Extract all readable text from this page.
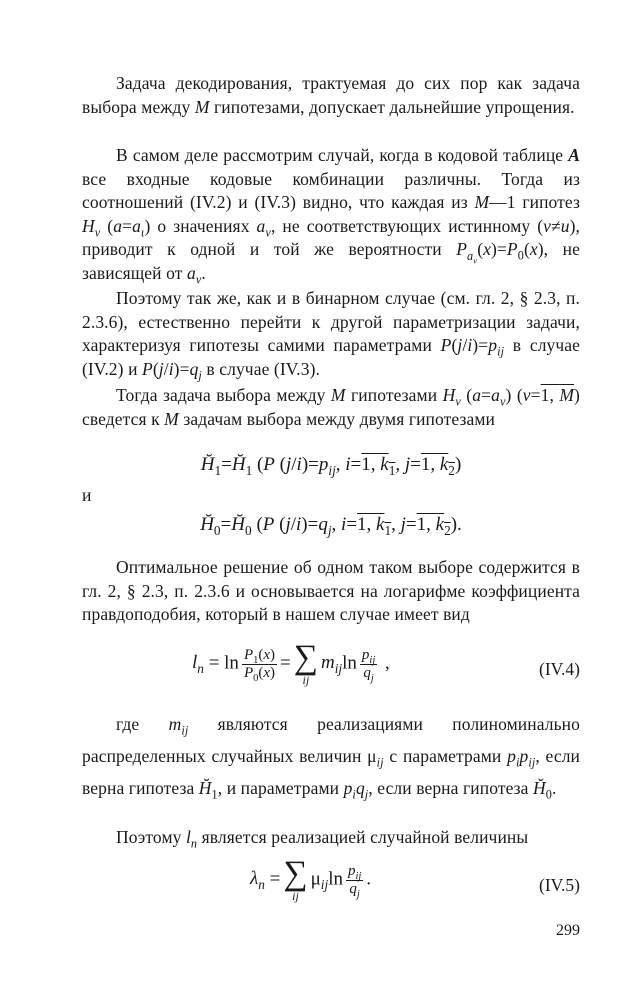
Задача декодирования, трактуемая до сих пор как задача выбора между M гипотезами, допускает дальнейшие упрощения.
В самом деле рассмотрим случай, когда в кодовой таблице A все входные кодовые комбинации различны. Тогда из соотношений (IV.2) и (IV.3) видно, что каждая из M—1 гипотез $H_v$ $(a=a_\iota)$ о значениях $a_v$, не соответствующих истинному (v≠u), приводит к одной и той же вероятности $P_{a_v}(x)=P_0(x)$, не зависящей от $a_v$.
Поэтому так же, как и в бинарном случае (см. гл. 2, § 2.3, п. 2.3.6), естественно перейти к другой параметризации задачи, характеризуя гипотезы самими параметрами $P(j/i)=p_{ij}$ в случае (IV.2) и $P(j/i)=q_j$ в случае (IV.3).
Тогда задача выбора между M гипотезами $H_v$ $(a=a_v)$ (v=1, M) сведется к M задачам выбора между двумя гипотезами
$H̆_1=H̆_1$ (P $(j/i)=p_{ij}$, i=1, $k_1$, j=1, $k_2$)
и
$H̆_0=H̆_0$ (P $(j/i)=q_j$, i=1, $k_1$, j=1, $k_2$).
Оптимальное решение об одном таком выборе содержится в гл. 2, § 2.3, п. 2.3.6 и основывается на логарифме коэффициента правдоподобия, который в нашем случае имеет вид
$l_n = \ln \frac{P_1(x)}{P_0(x)}$ = ∑
ij
$m_{ij}\ln \frac{p_{ij}}{q_j}$ ,	(IV.4)
где $m_{ij}$ являются реализациями полиноминально распределенных случайных величин $\mu_{ij}$ с параметрами $p_ip_{ij}$, если верна гипотеза $H̆_1$, и параметрами $p_iq_j$, если верна гипотеза $H̆_0$.
Поэтому $l_n$ является реализацией случайной величины
$\lambda_n$ = ∑
ij
$\mu_{ij}\ln \frac{p_{ij}}{q_j}$ .	(IV.5)
299
